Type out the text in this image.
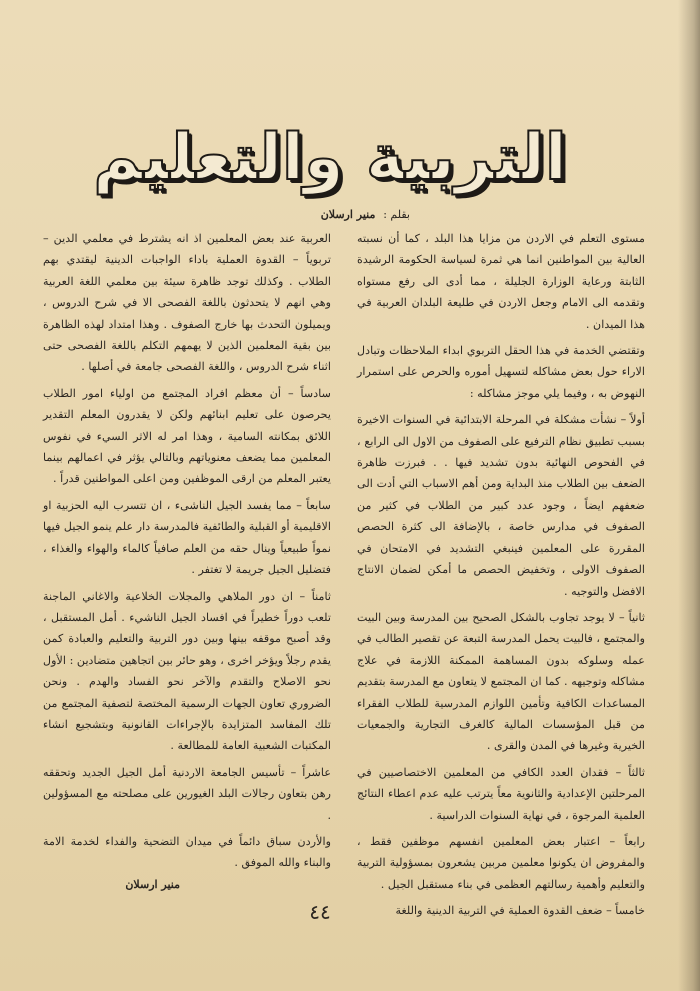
التربية والتعليم
بقلم : منير ارسلان

مستوى التعلم في الاردن من مزايا هذا البلد ، كما أن نسبته العالية بين المواطنين انما هي ثمرة لسياسة الحكومة الرشيدة الثابتة ورعاية الوزارة الجليلة ، مما أدى الى رفع مستواه وتقدمه الى الامام وجعل الاردن في طليعة البلدان العربية في هذا الميدان .

وتقتضي الخدمة في هذا الحقل التربوي ابداء الملاحظات وتبادل الاراء حول بعض مشاكله لتسهيل أموره والحرص على استمرار النهوض به ، وفيما يلي موجز مشاكله :

أولاً – نشأت مشكلة في المرحلة الابتدائية في السنوات الاخيرة بسبب تطبيق نظام الترفيع على الصفوف من الاول الى الرابع ، في الفحوص النهائية بدون تشديد فيها . . فبرزت ظاهرة الضعف بين الطلاب منذ البداية ومن أهم الاسباب التي أدت الى ضعفهم ايضاً ، وجود عدد كبير من الطلاب في كثير من الصفوف في مدارس خاصة ، بالإضافة الى كثرة الحصص المقررة على المعلمين فينبغي التشديد في الامتحان في الصفوف الاولى ، وتخفيض الحصص ما أمكن لضمان الانتاج الافضل والتوجيه .

ثانياً – لا يوجد تجاوب بالشكل الصحيح بين المدرسة وبين البيت والمجتمع ، فالبيت يحمل المدرسة التبعة عن تقصير الطالب في عمله وسلوكه بدون المساهمة الممكنة اللازمة في علاج مشاكله وتوجيهه . كما ان المجتمع لا يتعاون مع المدرسة بتقديم المساعدات الكافية وتأمين اللوازم المدرسية للطلاب الفقراء من قبل المؤسسات المالية كالغرف التجارية والجمعيات الخيرية وغيرها في المدن والقرى .

ثالثاً – فقدان العدد الكافي من المعلمين الاختصاصيين في المرحلتين الإعدادية والثانوية معاً يترتب عليه عدم اعطاء النتائج العلمية المرجوة ، في نهاية السنوات الدراسية .

رابعاً – اعتبار بعض المعلمين انفسهم موظفين فقط ، والمفروض ان يكونوا معلمين مربين يشعرون بمسؤولية التربية والتعليم وأهمية رسالتهم العظمى في بناء مستقبل الجيل .

خامساً – ضعف القدوة العملية في التربية الدينية واللغة

العربية عند بعض المعلمين اذ انه يشترط في معلمي الدين – تربوياً – القدوة العملية باداء الواجبات الدينية ليقتدي بهم الطلاب . وكذلك توجد ظاهرة سيئة بين معلمي اللغة العربية وهي انهم لا يتحدثون باللغة الفصحى الا في شرح الدروس ، ويميلون التحدث بها خارج الصفوف . وهذا امتداد لهذه الظاهرة بين بقية المعلمين الذين لا يهمهم التكلم باللغة الفصحى حتى اثناء شرح الدروس ، واللغة الفصحى جامعة في أصلها .

سادساً – أن معظم افراد المجتمع من اولياء امور الطلاب يحرصون على تعليم ابنائهم ولكن لا يقدرون المعلم التقدير اللائق بمكانته السامية ، وهذا امر له الاثر السيء في نفوس المعلمين مما يضعف معنوياتهم وبالتالي يؤثر في اعمالهم بينما يعتبر المعلم من ارقى الموظفين ومن اعلى المواطنين قدراً .

سابعاً – مما يفسد الجيل الناشىء ، ان تتسرب اليه الحزبية او الاقليمية أو القبلية والطائفية فالمدرسة دار علم ينمو الجيل فيها نمواً طبيعياً وينال حقه من العلم صافياً كالماء والهواء والغذاء ، فتضليل الجيل جريمة لا تغتفر .

ثامناً – ان دور الملاهي والمجلات الخلاعية والاغاني الماجنة تلعب دوراً خطيراً في افساد الجيل الناشيء . أمل المستقبل ، وقد أصبح موقفه بينها وبين دور التربية والتعليم والعبادة كمن يقدم رجلاً ويؤخر اخرى ، وهو حائر بين اتجاهين متضادين : الأول نحو الاصلاح والتقدم والآخر نحو الفساد والهدم . ونحن الضروري تعاون الجهات الرسمية المختصة لتصفية المجتمع من تلك المفاسد المتزايدة بالإجراءات القانونية وبتشجيع انشاء المكتبات الشعبية العامة للمطالعة .

عاشراً – تأسيس الجامعة الاردنية أمل الجيل الجديد وتحققه رهن بتعاون رجالات البلد الغيورين على مصلحته مع المسؤولين .

والأردن سباق دائماً في ميدان التضحية والفداء لخدمة الامة والبناء والله الموفق .

منير ارسلان
٤٤
